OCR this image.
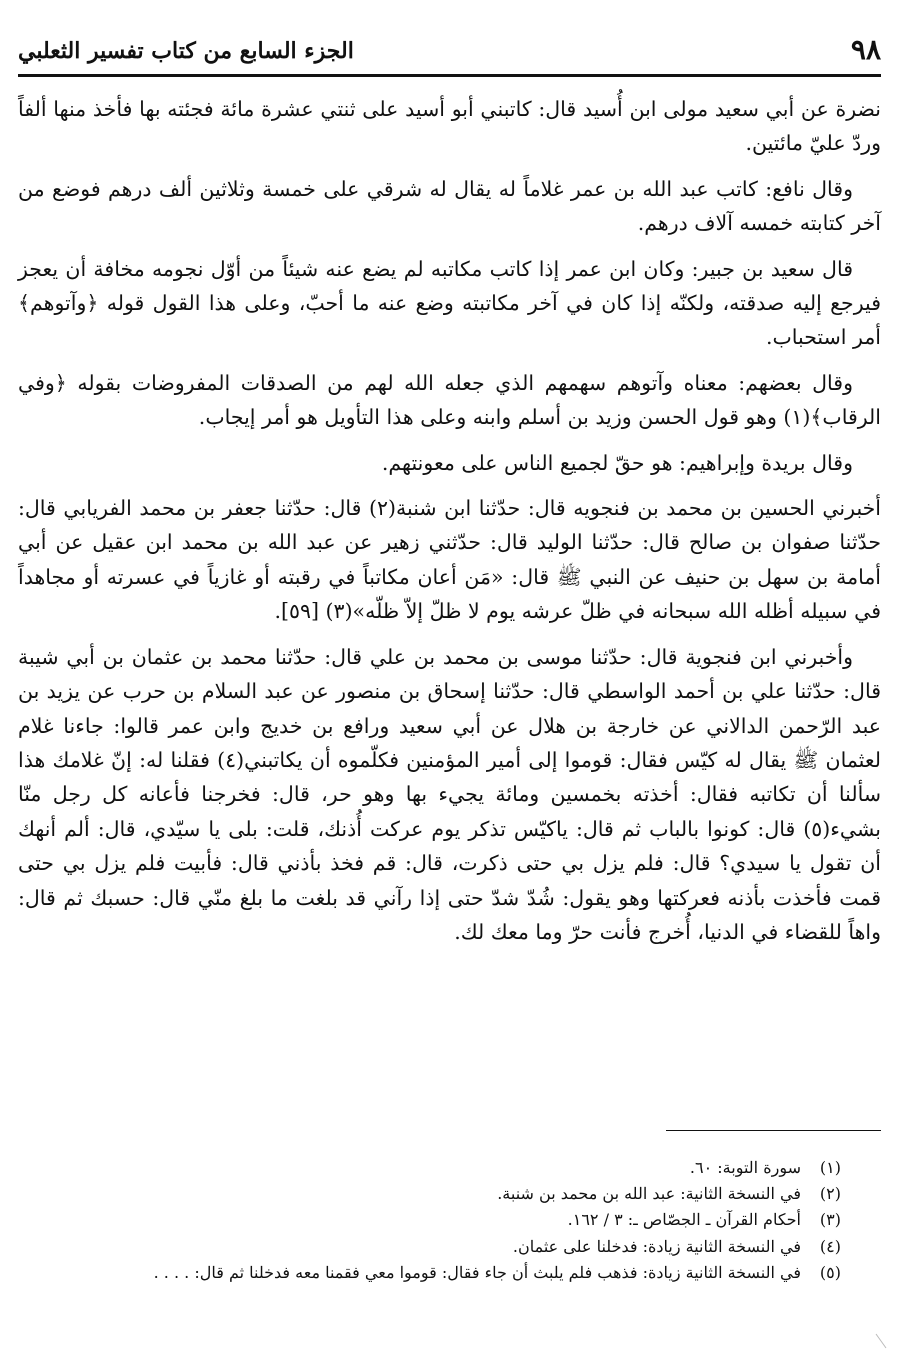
٩٨
الجزء السابع من كتاب تفسير الثعلبي

نضرة عن أبي سعيد مولى ابن أُسيد قال: كاتبني أبو أسيد على ثنتي عشرة مائة فجئته بها فأخذ منها ألفاً وردّ عليّ مائتين.

وقال نافع: كاتب عبد الله بن عمر غلاماً له يقال له شرقي على خمسة وثلاثين ألف درهم فوضع من آخر كتابته خمسه آلاف درهم.

قال سعيد بن جبير: وكان ابن عمر إذا كاتب مكاتبه لم يضع عنه شيئاً من أوّل نجومه مخافة أن يعجز فيرجع إليه صدقته، ولكنّه إذا كان في آخر مكاتبته وضع عنه ما أحبّ، وعلى هذا القول قوله ﴿وآتوهم﴾ أمر استحباب.

وقال بعضهم: معناه وآتوهم سهمهم الذي جعله الله لهم من الصدقات المفروضات بقوله ﴿وفي الرقاب﴾(١) وهو قول الحسن وزيد بن أسلم وابنه وعلى هذا التأويل هو أمر إيجاب.

وقال بريدة وإبراهيم: هو حقّ لجميع الناس على معونتهم.

أخبرني الحسين بن محمد بن فنجويه قال: حدّثنا ابن شنبة(٢) قال: حدّثنا جعفر بن محمد الفريابي قال: حدّثنا صفوان بن صالح قال: حدّثنا الوليد قال: حدّثني زهير عن عبد الله بن محمد ابن عقيل عن أبي أمامة بن سهل بن حنيف عن النبي ﷺ قال: «مَن أعان مكاتباً في رقبته أو غازياً في عسرته أو مجاهداً في سبيله أظله الله سبحانه في ظلّ عرشه يوم لا ظلّ إلاّ ظلّه»(٣) [٥٩].

وأخبرني ابن فنجوية قال: حدّثنا موسى بن محمد بن علي قال: حدّثنا محمد بن عثمان بن أبي شيبة قال: حدّثنا علي بن أحمد الواسطي قال: حدّثنا إسحاق بن منصور عن عبد السلام بن حرب عن يزيد بن عبد الرّحمن الدالاني عن خارجة بن هلال عن أبي سعيد ورافع بن خديج وابن عمر قالوا: جاءنا غلام لعثمان ﷺ يقال له كيّس فقال: قوموا إلى أمير المؤمنين فكلّموه أن يكاتبني(٤) فقلنا له: إنّ غلامك هذا سألنا أن تكاتبه فقال: أخذته بخمسين ومائة يجيء بها وهو حر، قال: فخرجنا فأعانه كل رجل منّا بشيء(٥) قال: كونوا بالباب ثم قال: ياكيّس تذكر يوم عركت أُذنك، قلت: بلى يا سيّدي، قال: ألم أنهك أن تقول يا سيدي؟ قال: فلم يزل بي حتى ذكرت، قال: قم فخذ بأذني قال: فأبيت فلم يزل بي حتى قمت فأخذت بأذنه فعركتها وهو يقول: شُدّ شدّ حتى إذا رآني قد بلغت ما بلغ منّي قال: حسبك ثم قال: واهاً للقضاء في الدنيا، أُخرج فأنت حرّ وما معك لك.

(١)
سورة التوبة: ٦٠.
(٢)
في النسخة الثانية: عبد الله بن محمد بن شنبة.
(٣)
أحكام القرآن ـ الجصّاص ـ: ٣ / ١٦٢.
(٤)
في النسخة الثانية زيادة: فدخلنا على عثمان.
(٥)
في النسخة الثانية زيادة: فذهب فلم يلبث أن جاء فقال: قوموا معي فقمنا معه فدخلنا ثم قال: . . . .
